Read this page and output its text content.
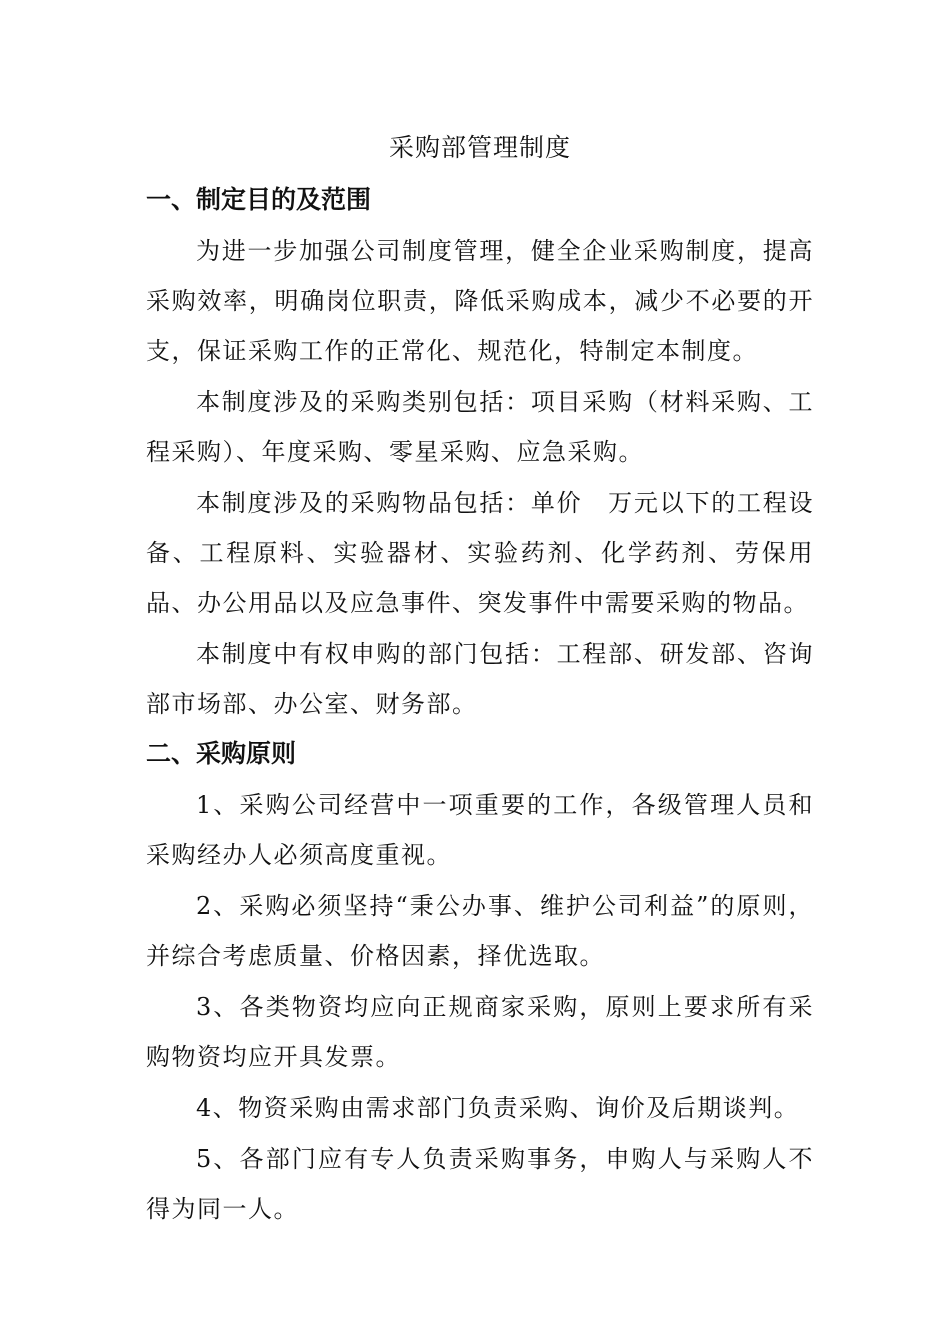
采购部管理制度
一、制定目的及范围

为进一步加强公司制度管理，健全企业采购制度，提高采购效率，明确岗位职责，降低采购成本，减少不必要的开支，保证采购工作的正常化、规范化，特制定本制度。

本制度涉及的采购类别包括：项目采购（材料采购、工程采购）、年度采购、零星采购、应急采购。

本制度涉及的采购物品包括：单价　万元以下的工程设备、工程原料、实验器材、实验药剂、化学药剂、劳保用品、办公用品以及应急事件、突发事件中需要采购的物品。

本制度中有权申购的部门包括：工程部、研发部、咨询部市场部、办公室、财务部。

二、采购原则

1、采购公司经营中一项重要的工作，各级管理人员和采购经办人必须高度重视。

2、采购必须坚持“秉公办事、维护公司利益”的原则，并综合考虑质量、价格因素，择优选取。

3、各类物资均应向正规商家采购，原则上要求所有采购物资均应开具发票。

4、物资采购由需求部门负责采购、询价及后期谈判。

5、各部门应有专人负责采购事务，申购人与采购人不得为同一人。
